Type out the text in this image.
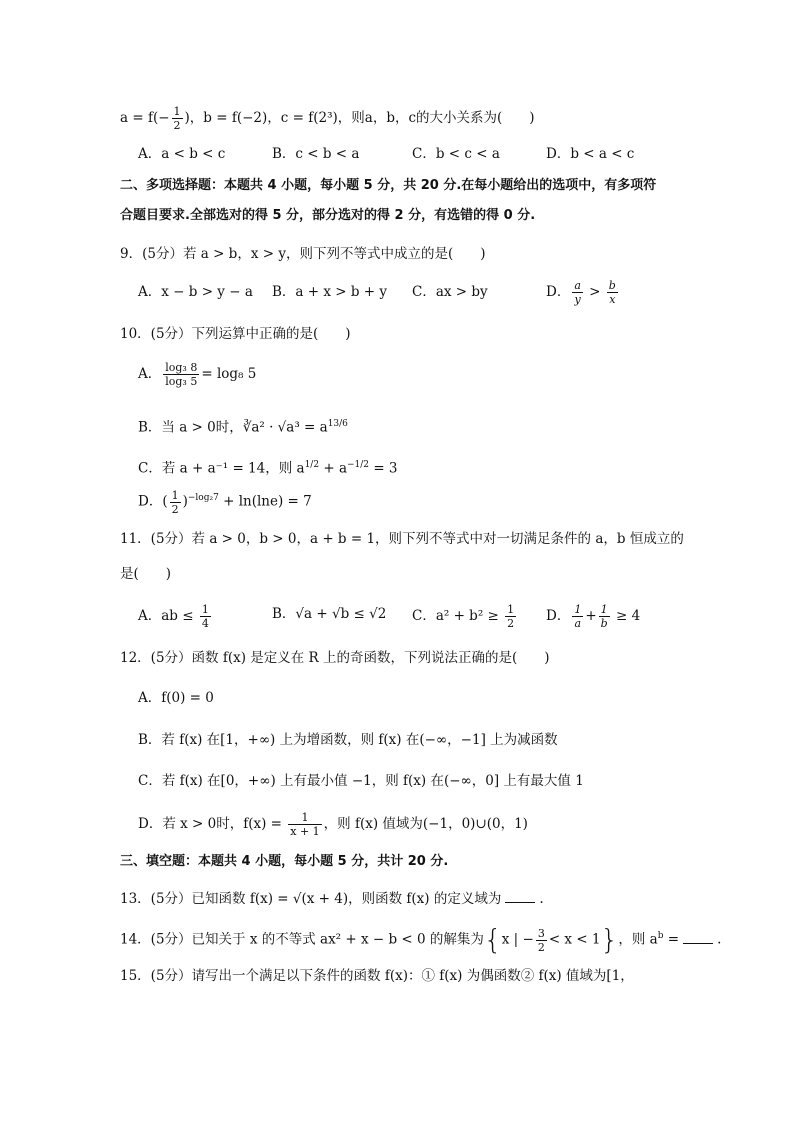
$a = f(- \frac{1}{2}$ )，b = f(−2)，c = f(2³)，则a，b，c的大小关系为(　　)
A．a < b < c	B．c < b < a	C．b < c < a	D．b < a < c
二、多项选择题：本题共 4 小题，每小题 5 分，共 20 分.在每小题给出的选项中，有多项符
合题目要求.全部选对的得 5 分，部分选对的得 2 分，有选错的得 0 分.
9．(5分）若 a > b，x > y，则下列不等式中成立的是(　　)
A．x − b > y − a B．a + x > b + y C．ax > by	D． $\frac{a}{y} > \frac{b}{x}$
10．(5分）下列运算中正确的是(　　)
A． $\frac{\text{log₃ 8}}{\text{log₃ 5}} = \log_8$ 5
B．当 a > 0时，∛a² · $√a^3 = a^{13/6}$
C．若 a + a⁻¹ = 14，则 $a^{1/2} + a^{-1/2} = 3$
D．( $\frac{1}{2} )^{-log_27} + \ln(\ln e) = 7$
11．(5分）若 a > 0，b > 0，a + b = 1，则下列不等式中对一切满足条件的 a，b 恒成立的
是(　　)
A．ab ≤ $\frac{1}{4}$	B．√a + √b ≤ √2 C．$a^2 + b^2 \ge \frac{1}{2}$ D． $\frac{1}{a} + \frac{1}{b} \ge 4$
12．(5分）函数 f(x) 是定义在 R 上的奇函数，下列说法正确的是(　　)
A．f(0) = 0
B．若 f(x) 在[1，+∞) 上为增函数，则 f(x) 在(−∞，−1] 上为减函数
C．若 f(x) 在[0，+∞) 上有最小值 −1，则 f(x) 在(−∞，0] 上有最大值 1
D．若 x > 0时，$f(x) = \frac{1}{x + 1}$ ，则 f(x) 值域为(−1，0)∪(0，1)
三、填空题：本题共 4 小题，每小题 5 分，共计 20 分.
13．(5分）已知函数 f(x) = √(x + 4)，则函数 f(x) 的定义域为	.
14．(5分）已知关于 x 的不等式 ax² + x − b < 0 的解集为{x | − $\frac{3}{2} < x < 1$}，则 $a^b$ =	.
15．(5分）请写出一个满足以下条件的函数 f(x)：① f(x) 为偶函数② f(x) 值域为[1，
